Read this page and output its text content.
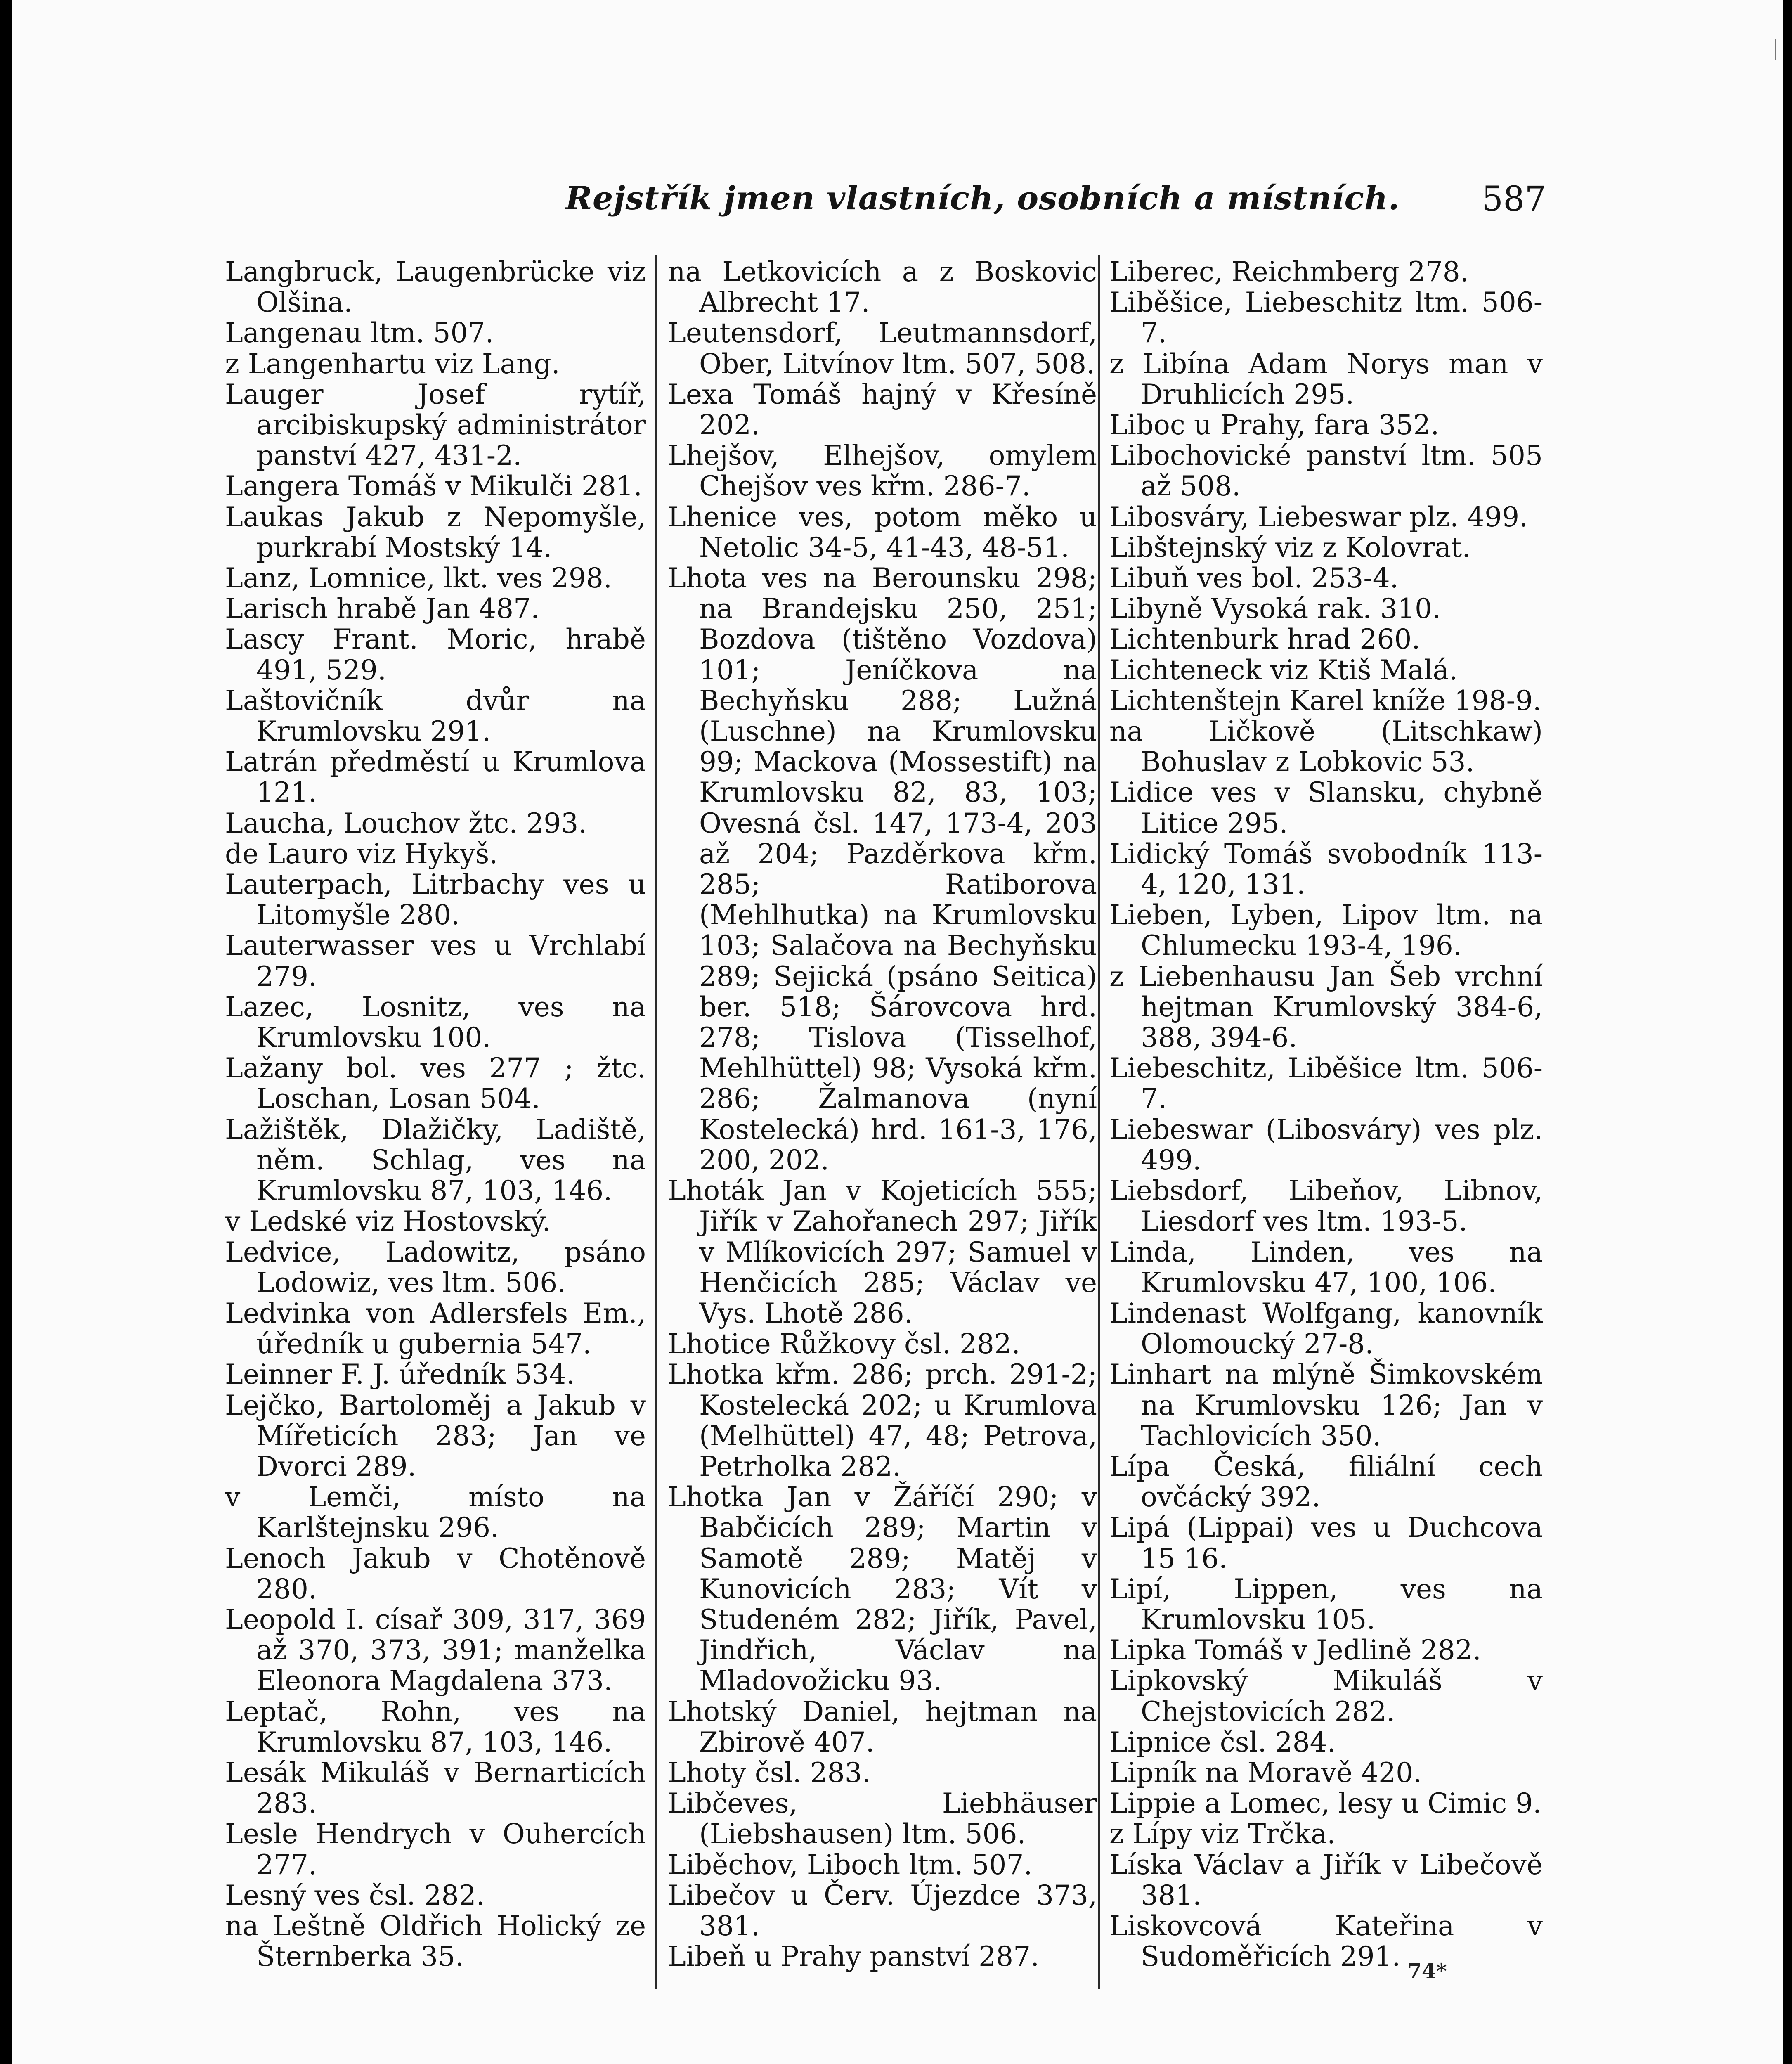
Rejstřík jmen vlastních, osobních a místních. 587

Langbruck, Laugenbrücke viz Olšina.

Langenau ltm. 507.

z Langenhartu viz Lang.

Lauger Josef rytíř, arcibiskupský administrátor panství 427, 431-2.

Langera Tomáš v Mikulči 281.

Laukas Jakub z Nepomyšle, purkrabí Mostský 14.

Lanz, Lomnice, lkt. ves 298.

Larisch hrabě Jan 487.

Lascy Frant. Moric, hrabě 491, 529.

Laštovičník dvůr na Krumlovsku 291.

Latrán předměstí u Krumlova 121.

Laucha, Louchov žtc. 293.

de Lauro viz Hykyš.

Lauterpach, Litrbachy ves u Litomyšle 280.

Lauterwasser ves u Vrchlabí 279.

Lazec, Losnitz, ves na Krumlovsku 100.

Lažany bol. ves 277 ; žtc. Loschan, Losan 504.

Lažištěk, Dlažičky, Ladiště, něm. Schlag, ves na Krumlovsku 87, 103, 146.

v Ledské viz Hostovský.

Ledvice, Ladowitz, psáno Lodowiz, ves ltm. 506.

Ledvinka von Adlersfels Em., úředník u gubernia 547.

Leinner F. J. úředník 534.

Lejčko, Bartoloměj a Jakub v Mířeticích 283; Jan ve Dvorci 289.

v Lemči, místo na Karlštejnsku 296.

Lenoch Jakub v Chotěnově 280.

Leopold I. císař 309, 317, 369 až 370, 373, 391; manželka Eleonora Magdalena 373.

Leptač, Rohn, ves na Krumlovsku 87, 103, 146.

Lesák Mikuláš v Bernarticích 283.

Lesle Hendrych v Ouhercích 277.

Lesný ves čsl. 282.

na Leštně Oldřich Holický ze Šternberka 35.

na Letkovicích a z Boskovic Albrecht 17.

Leutensdorf, Leutmannsdorf, Ober, Litvínov ltm. 507, 508.

Lexa Tomáš hajný v Křesíně 202.

Lhejšov, Elhejšov, omylem Chejšov ves křm. 286-7.

Lhenice ves, potom měko u Netolic 34-5, 41-43, 48-51.

Lhota ves na Berounsku 298; na Brandejsku 250, 251; Bozdova (tištěno Vozdova) 101; Jeníčkova na Bechyňsku 288; Lužná (Luschne) na Krumlovsku 99; Mackova (Mossestift) na Krumlovsku 82, 83, 103; Ovesná čsl. 147, 173-4, 203 až 204; Pazděrkova křm. 285; Ratiborova (Mehlhutka) na Krumlovsku 103; Salačova na Bechyňsku 289; Sejická (psáno Seitica) ber. 518; Šárovcova hrd. 278; Tislova (Tisselhof, Mehlhüttel) 98; Vysoká křm. 286; Žalmanova (nyní Kostelecká) hrd. 161-3, 176, 200, 202.

Lhoták Jan v Kojeticích 555; Jiřík v Zahořanech 297; Jiřík v Mlíkovicích 297; Samuel v Henčicích 285; Václav ve Vys. Lhotě 286.

Lhotice Růžkovy čsl. 282.

Lhotka křm. 286; prch. 291-2; Kostelecká 202; u Krumlova (Melhüttel) 47, 48; Petrova, Petrholka 282.

Lhotka Jan v Žáříčí 290; v Babčicích 289; Martin v Samotě 289; Matěj v Kunovicích 283; Vít v Studeném 282; Jiřík, Pavel, Jindřich, Václav na Mladovožicku 93.

Lhotský Daniel, hejtman na Zbirově 407.

Lhoty čsl. 283.

Libčeves, Liebhäuser (Liebshausen) ltm. 506.

Liběchov, Liboch ltm. 507.

Libečov u Červ. Újezdce 373, 381.

Libeň u Prahy panství 287.

Liberec, Reichmberg 278.

Liběšice, Liebeschitz ltm. 506-7.

z Libína Adam Norys man v Druhlicích 295.

Liboc u Prahy, fara 352.

Libochovické panství ltm. 505 až 508.

Libosváry, Liebeswar plz. 499.

Libštejnský viz z Kolovrat.

Libuň ves bol. 253-4.

Libyně Vysoká rak. 310.

Lichtenburk hrad 260.

Lichteneck viz Ktiš Malá.

Lichtenštejn Karel kníže 198-9.

na Ličkově (Litschkaw) Bohuslav z Lobkovic 53.

Lidice ves v Slansku, chybně Litice 295.

Lidický Tomáš svobodník 113-4, 120, 131.

Lieben, Lyben, Lipov ltm. na Chlumecku 193-4, 196.

z Liebenhausu Jan Šeb vrchní hejtman Krumlovský 384-6, 388, 394-6.

Liebeschitz, Liběšice ltm. 506-7.

Liebeswar (Libosváry) ves plz. 499.

Liebsdorf, Libeňov, Libnov, Liesdorf ves ltm. 193-5.

Linda, Linden, ves na Krumlovsku 47, 100, 106.

Lindenast Wolfgang, kanovník Olomoucký 27-8.

Linhart na mlýně Šimkovském na Krumlovsku 126; Jan v Tachlovicích 350.

Lípa Česká, filiální cech ovčácký 392.

Lipá (Lippai) ves u Duchcova 15 16.

Lipí, Lippen, ves na Krumlovsku 105.

Lipka Tomáš v Jedlině 282.

Lipkovský Mikuláš v Chejstovicích 282.

Lipnice čsl. 284.

Lipník na Moravě 420.

Lippie a Lomec, lesy u Cimic 9.

z Lípy viz Trčka.

Líska Václav a Jiřík v Libečově 381.

Liskovcová Kateřina v Sudoměřicích 291. 74*
